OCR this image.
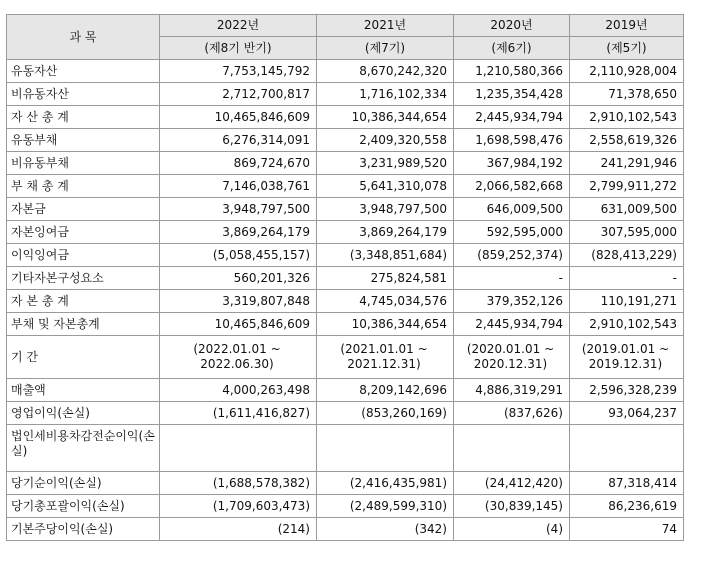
과 목	2022년	2021년	2020년	2019년
	(제8기 반기)	(제7기)	(제6기)	(제5기)
유동자산	7,753,145,792	8,670,242,320	1,210,580,366	2,110,928,004
비유동자산	2,712,700,817	1,716,102,334	1,235,354,428	71,378,650
자 산 총 계	10,465,846,609	10,386,344,654	2,445,934,794	2,910,102,543
유동부채	6,276,314,091	2,409,320,558	1,698,598,476	2,558,619,326
비유동부채	869,724,670	3,231,989,520	367,984,192	241,291,946
부 채 총 계	7,146,038,761	5,641,310,078	2,066,582,668	2,799,911,272
자본금	3,948,797,500	3,948,797,500	646,009,500	631,009,500
자본잉여금	3,869,264,179	3,869,264,179	592,595,000	307,595,000
이익잉여금	(5,058,455,157)	(3,348,851,684)	(859,252,374)	(828,413,229)
기타자본구성요소	560,201,326	275,824,581	-	-
자 본 총 계	3,319,807,848	4,745,034,576	379,352,126	110,191,271
부채 및 자본총계	10,465,846,609	10,386,344,654	2,445,934,794	2,910,102,543
기 간	(2022.01.01 ~ 2022.06.30)	(2021.01.01 ~ 2021.12.31)	(2020.01.01 ~ 2020.12.31)	(2019.01.01 ~ 2019.12.31)
매출액	4,000,263,498	8,209,142,696	4,886,319,291	2,596,328,239
영업이익(손실)	(1,611,416,827)	(853,260,169)	(837,626)	93,064,237
법인세비용차감전순이익(손실)				
당기순이익(손실)	(1,688,578,382)	(2,416,435,981)	(24,412,420)	87,318,414
당기총포괄이익(손실)	(1,709,603,473)	(2,489,599,310)	(30,839,145)	86,236,619
기본주당이익(손실)	(214)	(342)	(4)	74
